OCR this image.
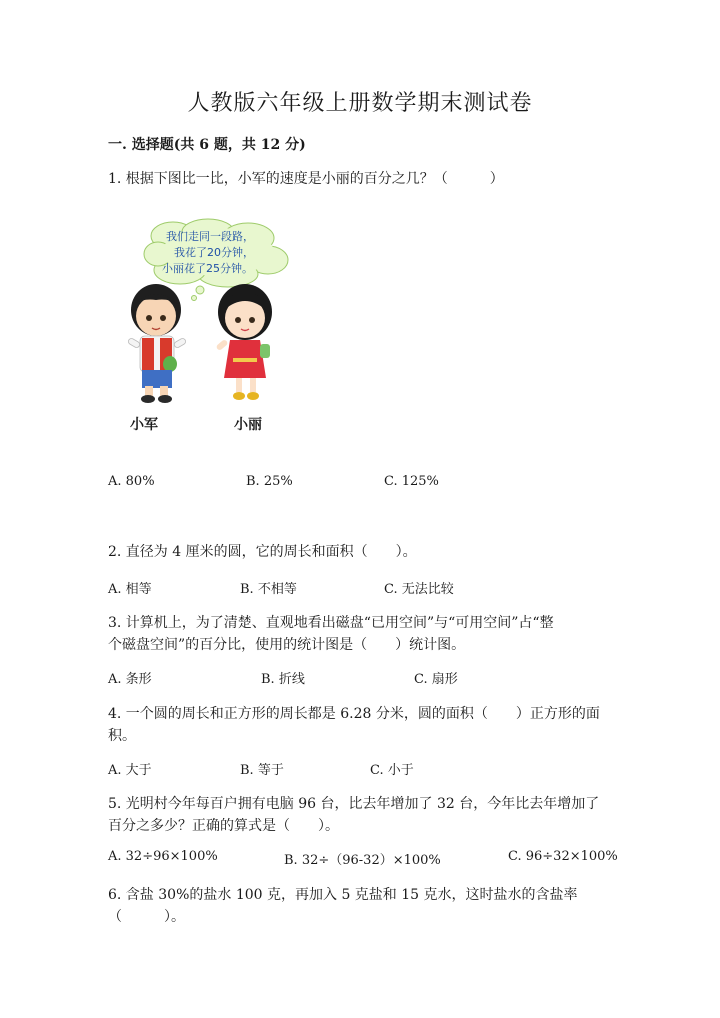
人教版六年级上册数学期末测试卷
一. 选择题(共 6 题，共 12 分)
1. 根据下图比一比，小军的速度是小丽的百分之几？（　　　）
我们走同一段路，
我花了20分钟，
小丽花了25分钟。
小军	小丽
A. 80%	B. 25%	C. 125%
2. 直径为 4 厘米的圆，它的周长和面积（　　）。
A. 相等	B. 不相等	C. 无法比较
3. 计算机上，为了清楚、直观地看出磁盘“已用空间”与“可用空间”占“整
个磁盘空间”的百分比，使用的统计图是（　　）统计图。
A. 条形	B. 折线	C. 扇形
4. 一个圆的周长和正方形的周长都是 6.28 分米，圆的面积（　　）正方形的面
积。
A. 大于	B. 等于	C. 小于
5. 光明村今年每百户拥有电脑 96 台，比去年增加了 32 台，今年比去年增加了
百分之多少？正确的算式是（　　）。
A. 32÷96×100%	B. 32÷（96-32）×100%	C. 96÷32×100%
6. 含盐 30%的盐水 100 克，再加入 5 克盐和 15 克水，这时盐水的含盐率
（　　　）。
